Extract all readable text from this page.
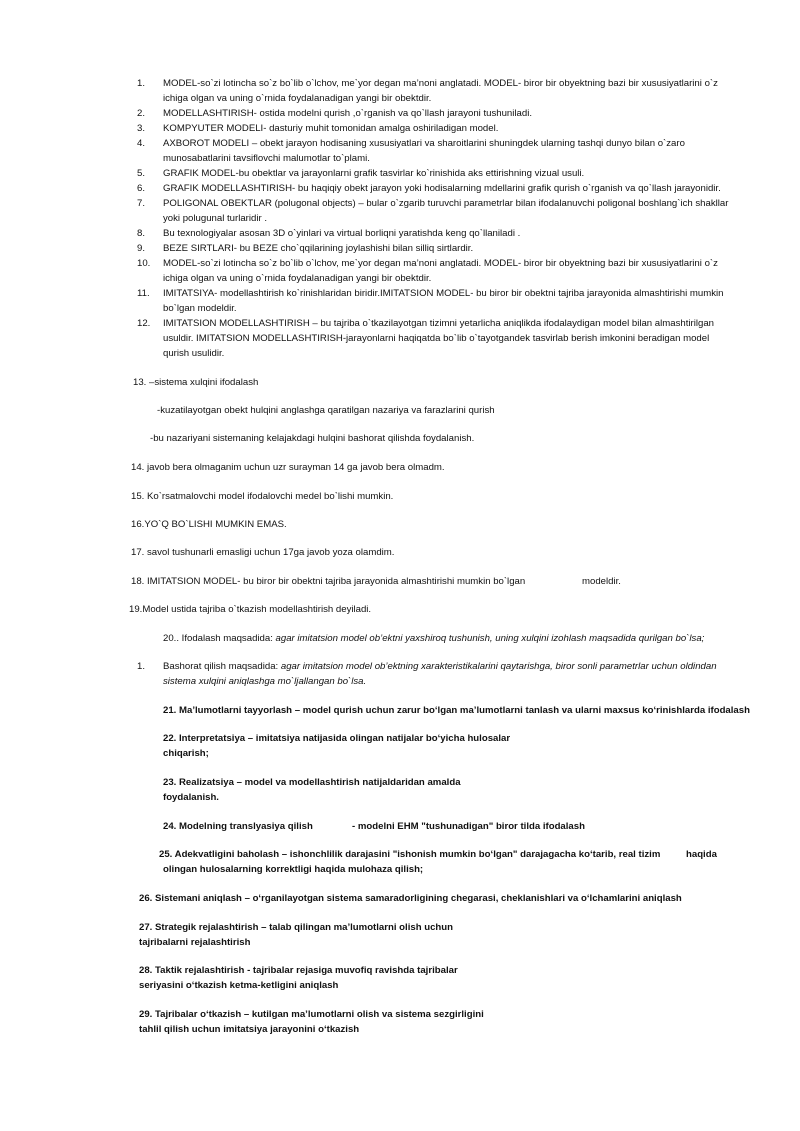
1.	MODEL-so`zi lotincha so`z bo`lib o`lchov, me`yor degan ma’noni anglatadi. MODEL- biror bir obyektning bazi bir xususiyatlarini o`z ichiga olgan va uning o`rnida foydalanadigan yangi bir obektdir.
2.	MODELLASHTIRISH- ostida modelni qurish ,o`rganish va qo`llash jarayoni tushuniladi.
3.	KOMPYUTER MODELI- dasturiy muhit tomonidan amalga oshiriladigan model.
4.	AXBOROT MODELI – obekt jarayon hodisaning xususiyatlari va sharoitlarini shuningdek ularning tashqi dunyo bilan o`zaro munosabatlarini tavsiflovchi malumotlar to`plami.
5.	GRAFIK MODEL-bu obektlar va jarayonlarni grafik tasvirlar ko`rinishida aks ettirishning vizual usuli.
6.	GRAFIK MODELLASHTIRISH- bu haqiqiy obekt jarayon yoki hodisalarning mdellarini grafik qurish o`rganish va qo`llash jarayonidir.
7.	POLIGONAL OBEKTLAR (polugonal objects) – bular o`zgarib turuvchi parametrlar bilan ifodalanuvchi poligonal boshlang`ich shakllar yoki polugunal turlaridir .
8.	Bu texnologiyalar asosan 3D o`yinlari va virtual borliqni yaratishda keng qo`llaniladi .
9.	BEZE SIRTLARI- bu BEZE cho`qqilarining joylashishi bilan silliq sirtlardir.
10.	MODEL-so`zi lotincha so`z bo`lib o`lchov, me`yor degan ma’noni anglatadi. MODEL- biror bir obyektning bazi bir xususiyatlarini o`z ichiga olgan va uning o`rnida foydalanadigan yangi bir obektdir.
11.	IMITATSIYA- modellashtirish ko`rinishlaridan biridir.IMITATSION MODEL- bu biror bir obektni tajriba jarayonida almashtirishi mumkin bo`lgan modeldir.
12.	IMITATSION MODELLASHTIRISH – bu tajriba o`tkazilayotgan tizimni yetarlicha aniqlikda ifodalaydigan model bilan almashtirilgan usuldir. IMITATSION MODELLASHTIRISH-jarayonlarni haqiqatda bo`lib o`tayotgandek tasvirlab berish imkonini beradigan model qurish usulidir.
13. –sistema xulqini ifodalash
-kuzatilayotgan obekt hulqini anglashga qaratilgan nazariya va farazlarini qurish
-bu nazariyani sistemaning kelajakdagi hulqini bashorat qilishda foydalanish.
14. javob bera olmaganim uchun uzr surayman 14 ga javob bera olmadm.
15. Ko`rsatmalovchi model ifodalovchi medel bo`lishi mumkin.
16.YO`Q BO`LISHI MUMKIN EMAS.
17. savol tushunarli emasligi uchun 17ga javob yoza olamdim.
18. IMITATSION MODEL- bu biror bir obektni tajriba jarayonida almashtirishi mumkin bo`lgan	modeldir.
19.Model ustida tajriba o`tkazish modellashtirish deyiladi.
20.. Ifodalash maqsadida: agar imitatsion model ob’ektni yaxshiroq tushunish, uning xulqini izohlash maqsadida qurilgan bo`lsa;
1.	Bashorat qilish maqsadida: agar imitatsion model ob’ektning xarakteristikalarini qaytarishga, biror sonli parametrlar uchun oldindan sistema xulqini aniqlashga mo`ljallangan bo`lsa.
21. Ma’lumotlarni tayyorlash – model qurish uchun zarur bo‘lgan ma’lumotlarni tanlash va ularni maxsus ko‘rinishlarda ifodalash
22. Interpretatsiya – imitatsiya natijasida olingan natijalar bo‘yicha hulosalar
chiqarish;
23. Realizatsiya – model va modellashtirish natijaldaridan amalda
foydalanish.
24. Modelning translyasiya qilish	- modelni EHM "tushunadigan" biror tilda ifodalash
25. Adekvatligini baholash – ishonchlilik darajasini "ishonish mumkin bo‘lgan" darajagacha ko‘tarib, real tizim	haqida
olingan hulosalarning korrektligi haqida mulohaza qilish;
26. Sistemani aniqlash – o‘rganilayotgan sistema samaradorligining chegarasi, cheklanishlari va o‘lchamlarini aniqlash
27. Strategik rejalashtirish – talab qilingan ma’lumotlarni olish uchun
tajribalarni rejalashtirish
28. Taktik rejalashtirish - tajribalar rejasiga muvofiq ravishda tajribalar
seriyasini o‘tkazish ketma-ketligini aniqlash
29. Tajribalar o‘tkazish – kutilgan ma’lumotlarni olish va sistema sezgirligini
tahlil qilish uchun imitatsiya jarayonini o‘tkazish
